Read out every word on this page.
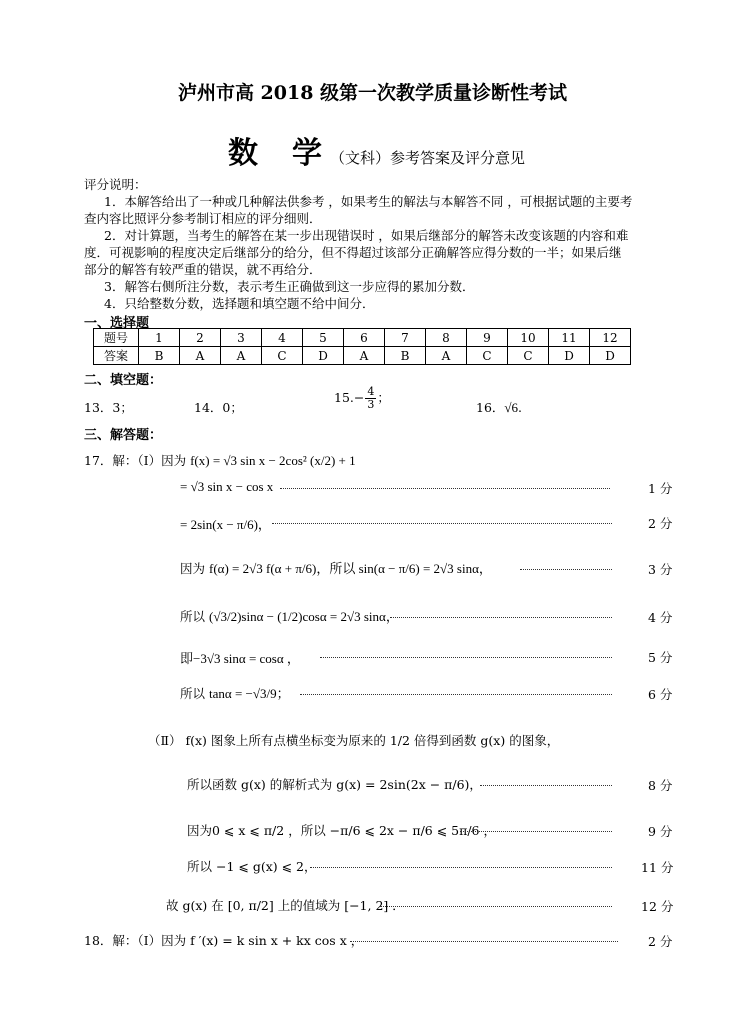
泸州市高 2018 级第一次教学质量诊断性考试
数 学 （文科）参考答案及评分意见
评分说明：
1．本解答给出了一种或几种解法供参考 ，如果考生的解法与本解答不同 ，可根据试题的主要考
查内容比照评分参考制订相应的评分细则．
2．对计算题，当考生的解答在某一步出现错误时 ，如果后继部分的解答未改变该题的内容和难
度．可视影响的程度决定后继部分的给分，但不得超过该部分正确解答应得分数的一半；如果后继
部分的解答有较严重的错误，就不再给分．
3．解答右侧所注分数，表示考生正确做到这一步应得的累加分数．
4．只给整数分数，选择题和填空题不给中间分．
一、选择题
题号	1	2	3	4	5	6	7	8	9	10	11	12
答案	B	A	A	C	D	A	B	A	C	C	D	D
二、填空题：
13．3；	14．0；
$15.- \frac{4}{3}$ ；
16．√6.
三、解答题：
17．解：（Ⅰ）因为 f(x) = √3 sin x − 2cos² (x/2) + 1
= √3 sin x − cos x	1 分
= 2sin(x − π/6)，	2 分
因为 f(α) = 2√3 f(α + π/6)，所以 sin(α − π/6) = 2√3 sinα，	3 分
所以 (√3/2)sinα − (1/2)cosα = 2√3 sinα，	4 分
即−3√3 sinα = cosα ，	5 分
所以 tanα = −√3/9；	6 分
（Ⅱ） f(x) 图象上所有点横坐标变为原来的 1/2 倍得到函数 g(x) 的图象，
所以函数 g(x) 的解析式为 g(x) = 2sin(2x − π/6)，	8 分
因为0 ⩽ x ⩽ π/2 ，所以 −π/6 ⩽ 2x − π/6 ⩽ 5π/6 ，	9 分
所以 −1 ⩽ g(x) ⩽ 2，	11 分
故 g(x) 在 [0, π/2] 上的值域为 [−1, 2] ．	12 分
18．解：（Ⅰ）因为 f ′(x) = k sin x + kx cos x ，	2 分
